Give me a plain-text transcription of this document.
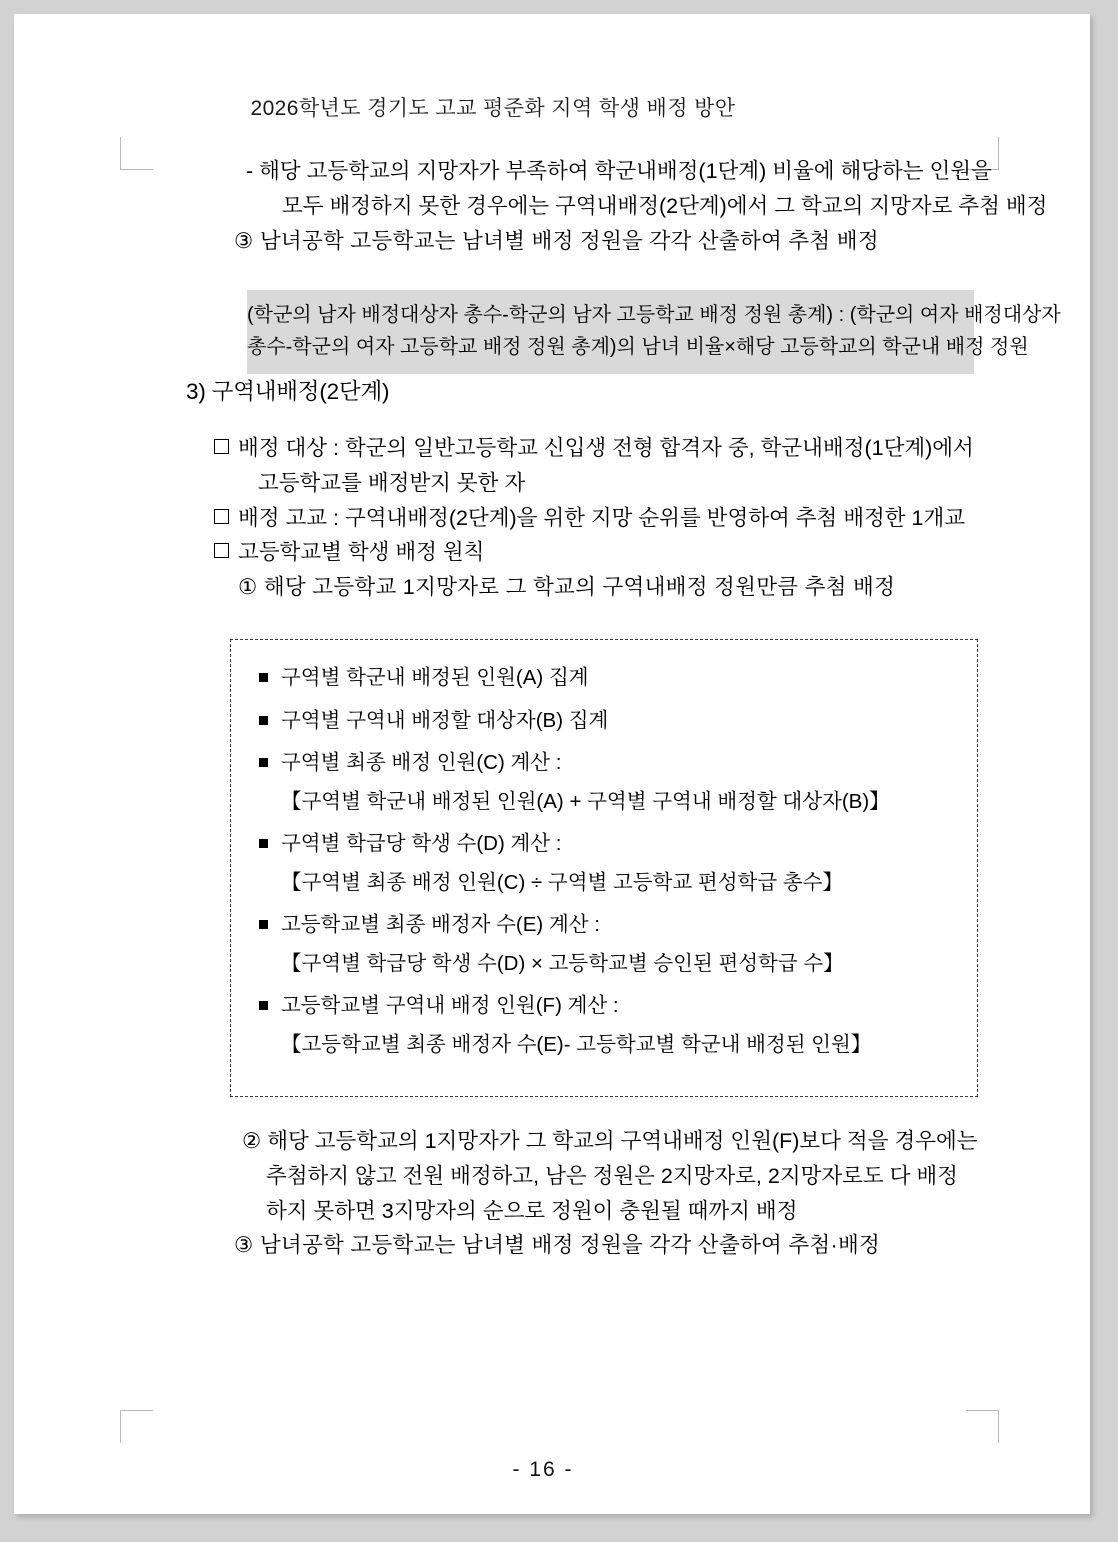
2026학년도 경기도 고교 평준화 지역 학생 배정 방안
- 해당 고등학교의 지망자가 부족하여 학군내배정(1단계) 비율에 해당하는 인원을
모두 배정하지 못한 경우에는 구역내배정(2단계)에서 그 학교의 지망자로 추첨 배정
③ 남녀공학 고등학교는 남녀별 배정 정원을 각각 산출하여 추첨 배정
(학군의 남자 배정대상자 총수-학군의 남자 고등학교 배정 정원 총계) : (학군의 여자 배정대상자
총수-학군의 여자 고등학교 배정 정원 총계)의 남녀 비율×해당 고등학교의 학군내 배정 정원
3) 구역내배정(2단계)
배정 대상 : 학군의 일반고등학교 신입생 전형 합격자 중, 학군내배정(1단계)에서
고등학교를 배정받지 못한 자
배정 고교 : 구역내배정(2단계)을 위한 지망 순위를 반영하여 추첨 배정한 1개교
고등학교별 학생 배정 원칙
① 해당 고등학교 1지망자로 그 학교의 구역내배정 정원만큼 추첨 배정
구역별 학군내 배정된 인원(A) 집계
구역별 구역내 배정할 대상자(B) 집계
구역별 최종 배정 인원(C) 계산 :
【구역별 학군내 배정된 인원(A) + 구역별 구역내 배정할 대상자(B)】
구역별 학급당 학생 수(D) 계산 :
【구역별 최종 배정 인원(C) ÷ 구역별 고등학교 편성학급 총수】
고등학교별 최종 배정자 수(E) 계산 :
【구역별 학급당 학생 수(D) × 고등학교별 승인된 편성학급 수】
고등학교별 구역내 배정 인원(F) 계산 :
【고등학교별 최종 배정자 수(E)- 고등학교별 학군내 배정된 인원】
② 해당 고등학교의 1지망자가 그 학교의 구역내배정 인원(F)보다 적을 경우에는
추첨하지 않고 전원 배정하고, 남은 정원은 2지망자로, 2지망자로도 다 배정
하지 못하면 3지망자의 순으로 정원이 충원될 때까지 배정
③ 남녀공학 고등학교는 남녀별 배정 정원을 각각 산출하여 추첨·배정
- 16 -
